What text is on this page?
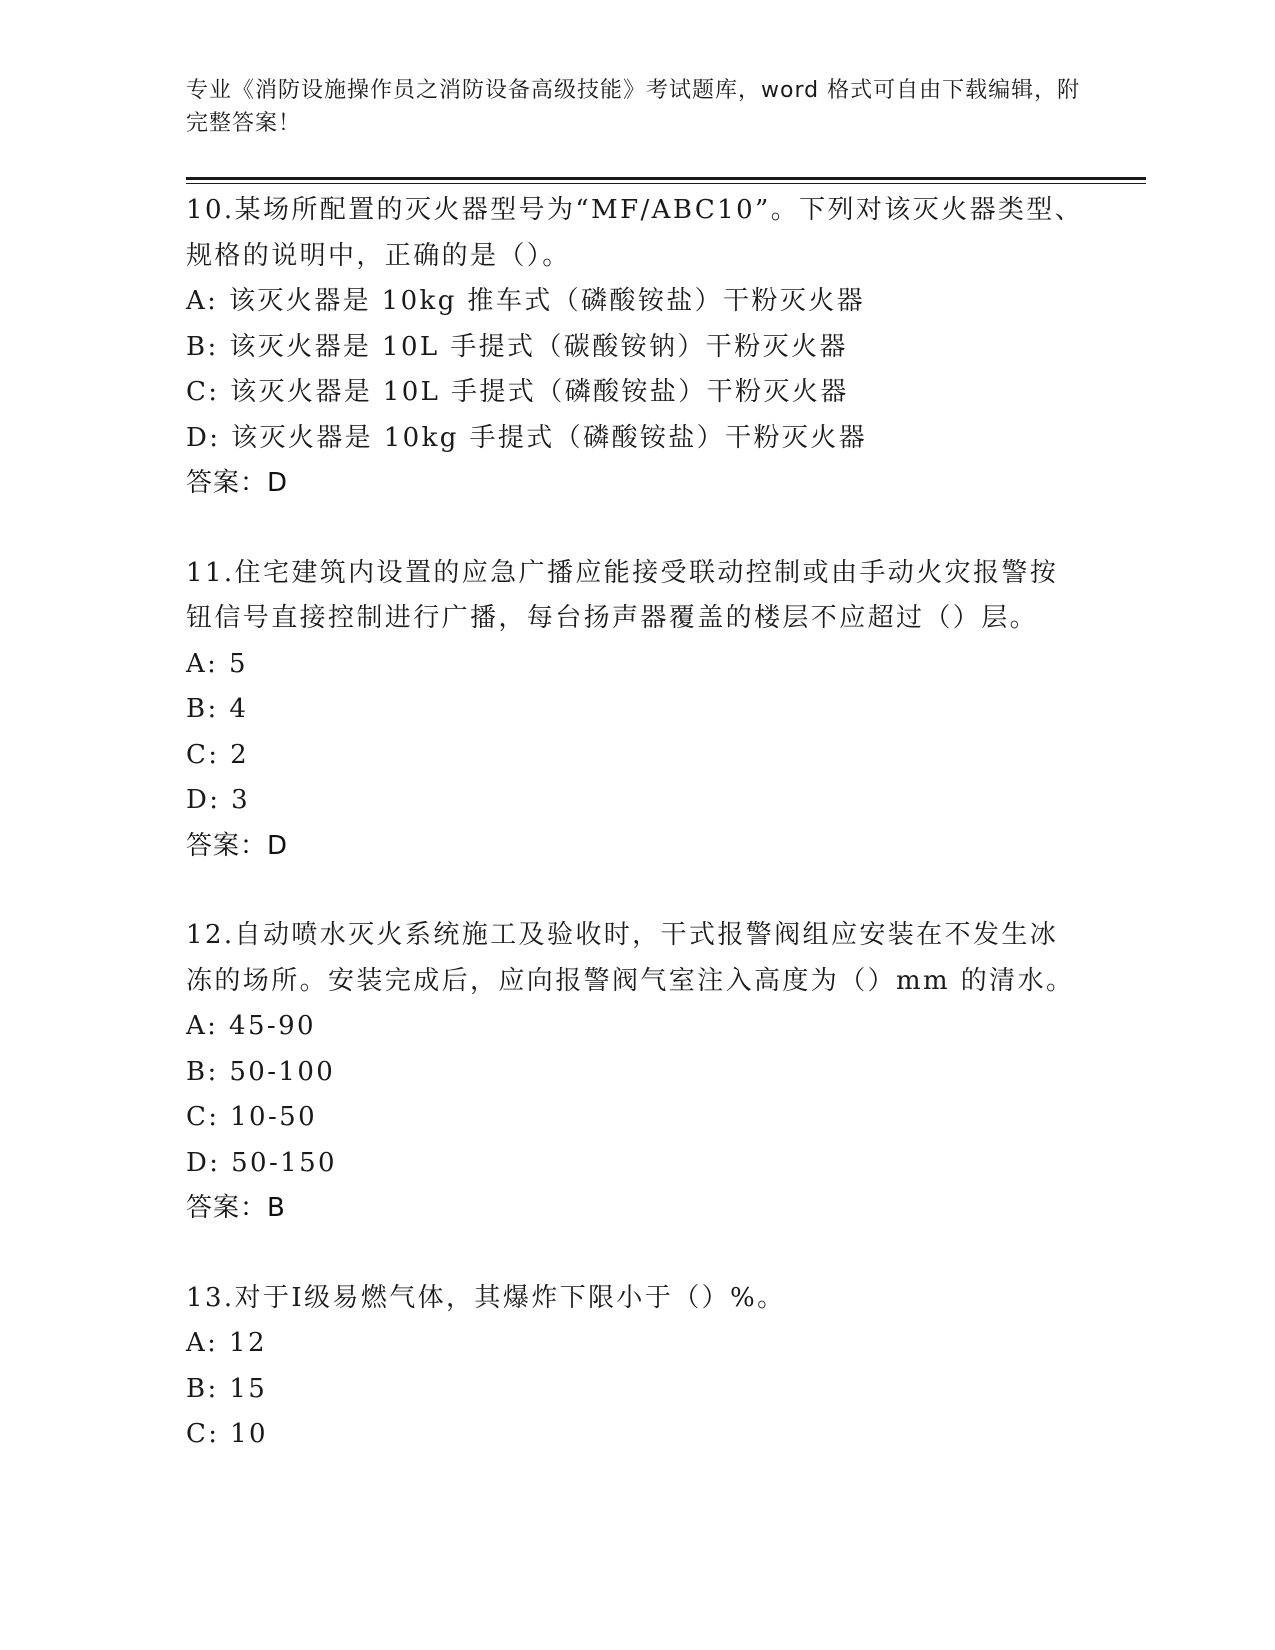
专业《消防设施操作员之消防设备高级技能》考试题库，word 格式可自由下载编辑，附完整答案！
10.某场所配置的灭火器型号为“MF/ABC10”。下列对该灭火器类型、规格的说明中，正确的是（）。
A: 该灭火器是 10kg 推车式（磷酸铵盐）干粉灭火器
B: 该灭火器是 10L 手提式（碳酸铵钠）干粉灭火器
C: 该灭火器是 10L 手提式（磷酸铵盐）干粉灭火器
D: 该灭火器是 10kg 手提式（磷酸铵盐）干粉灭火器
答案：D
11.住宅建筑内设置的应急广播应能接受联动控制或由手动火灾报警按钮信号直接控制进行广播，每台扬声器覆盖的楼层不应超过（）层。
A: 5
B: 4
C: 2
D: 3
答案：D
12.自动喷水灭火系统施工及验收时，干式报警阀组应安装在不发生冰冻的场所。安装完成后，应向报警阀气室注入高度为（）mm 的清水。
A: 45-90
B: 50-100
C: 10-50
D: 50-150
答案：B
13.对于Ⅰ级易燃气体，其爆炸下限小于（）%。
A: 12
B: 15
C: 10
